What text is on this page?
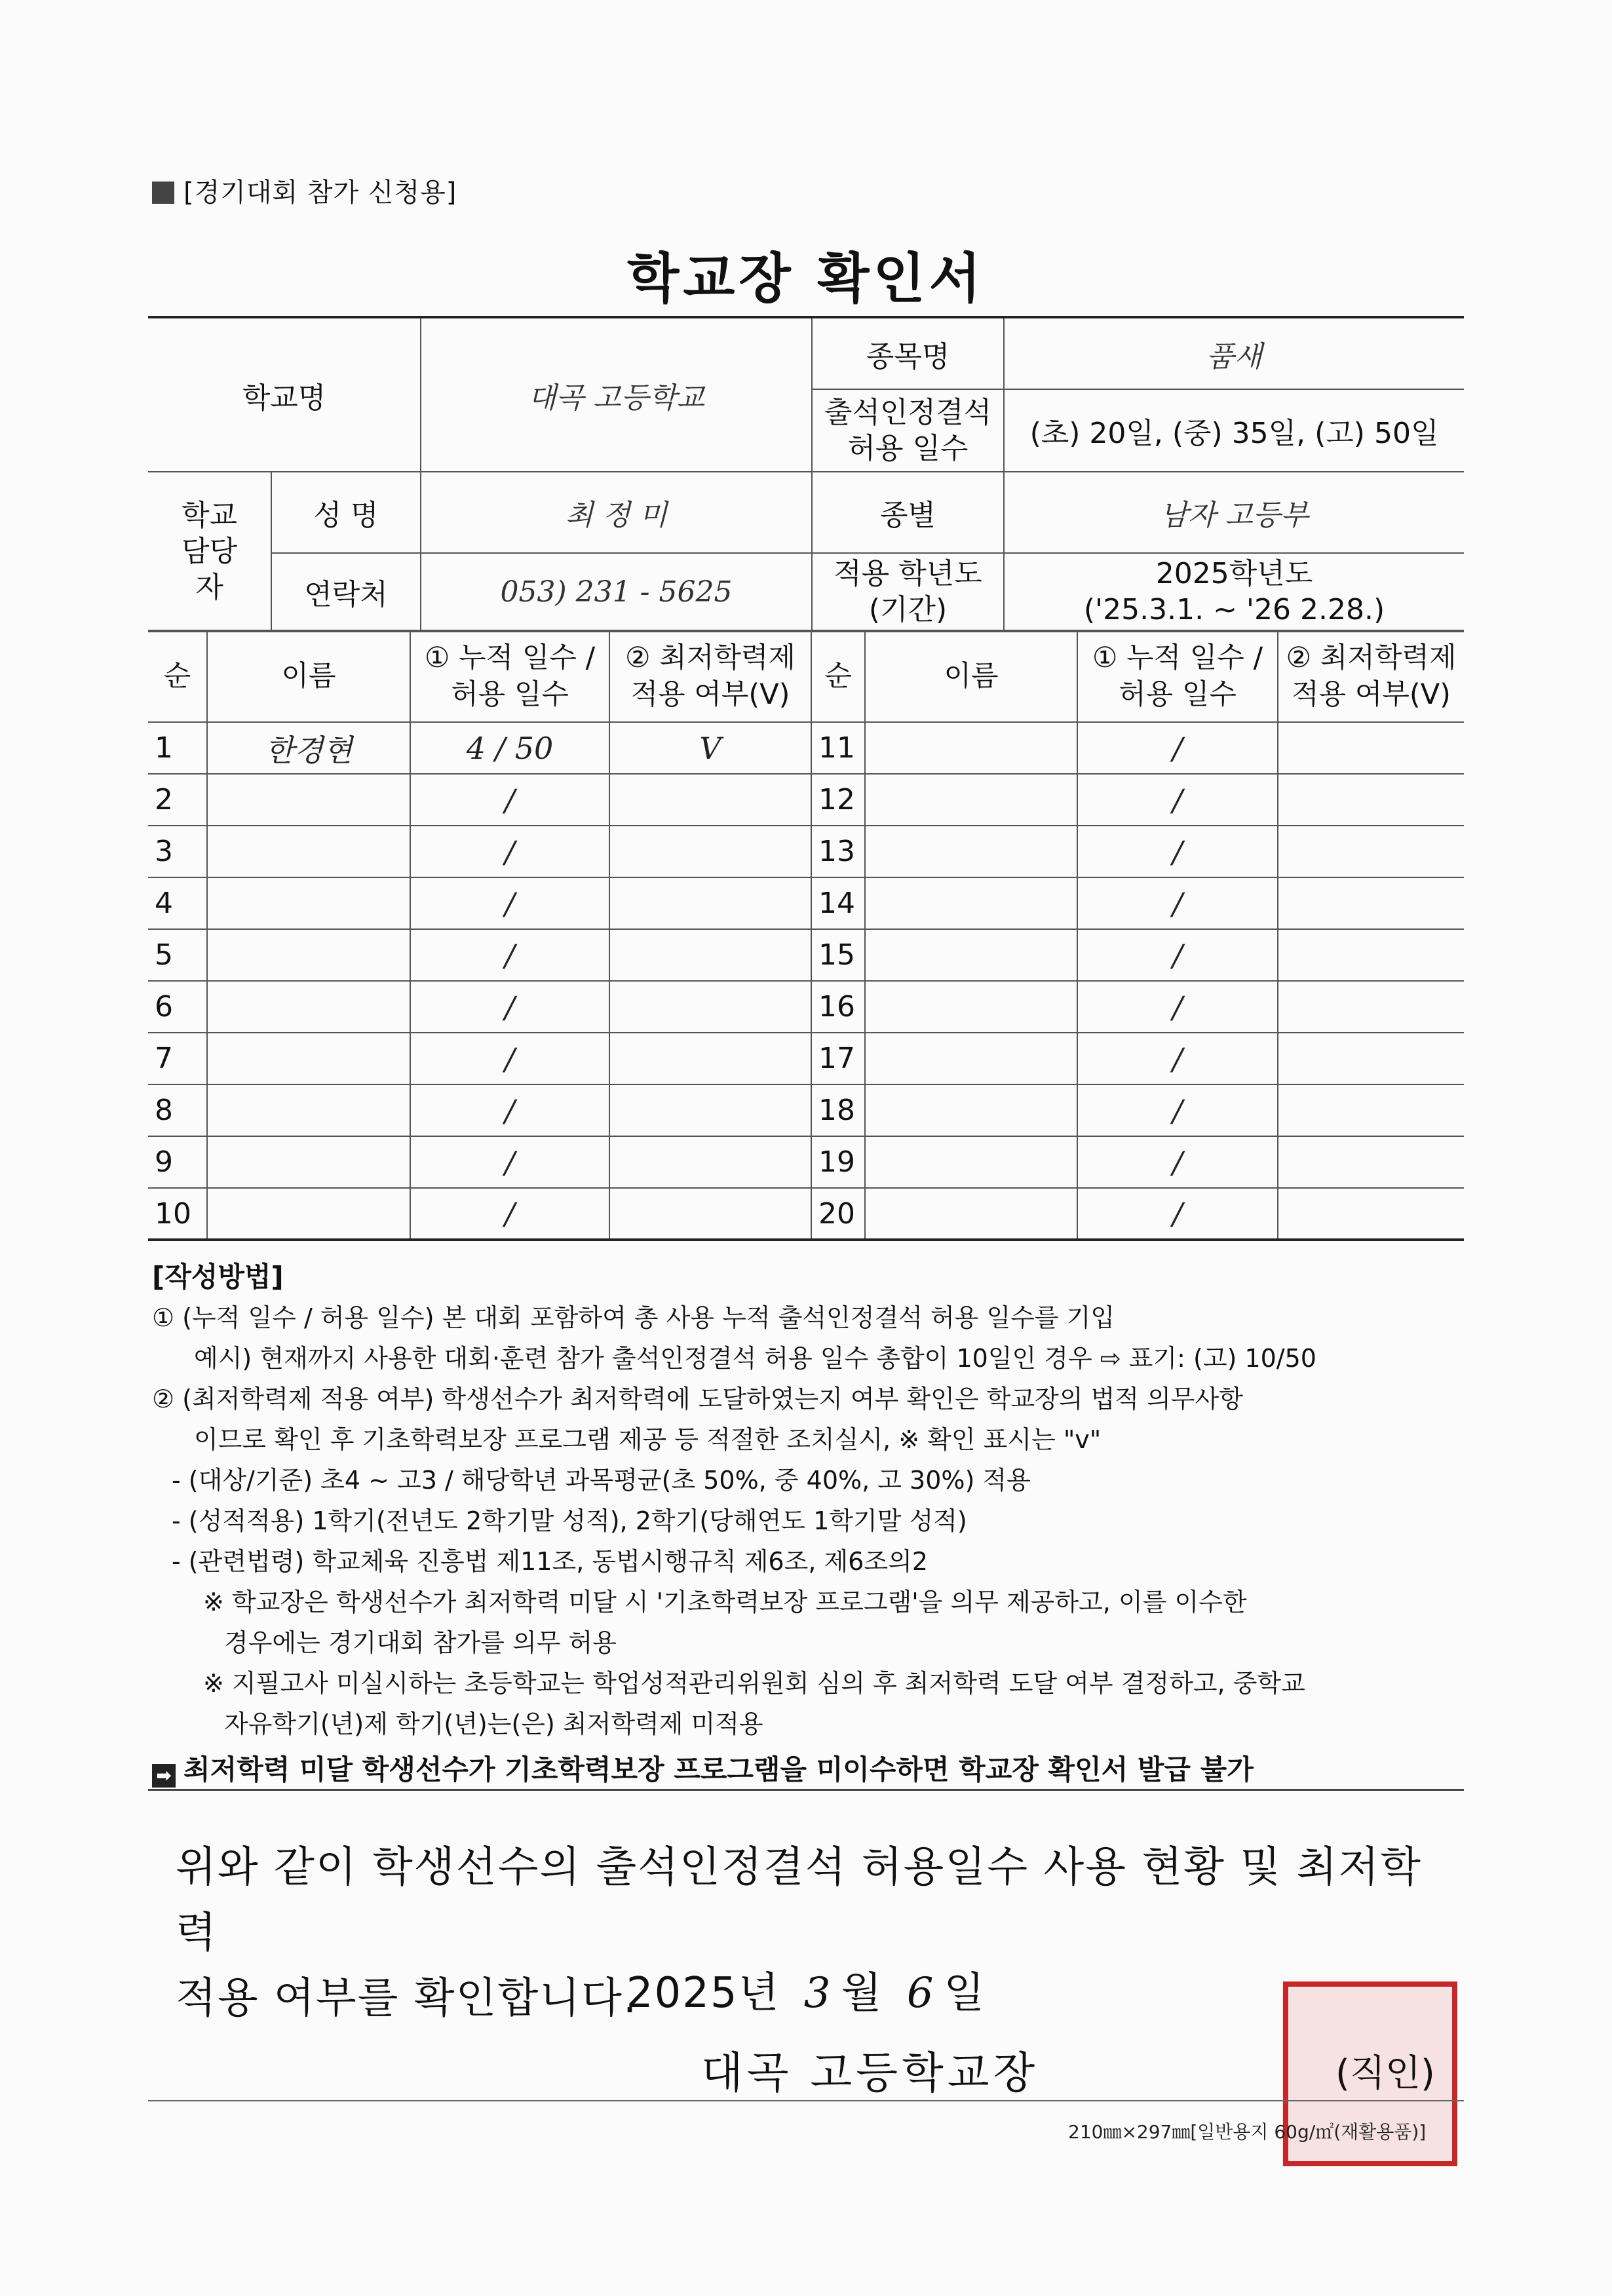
[경기대회 참가 신청용]
학교장 확인서
학교명		대곡 고등학교	종목명	품새
			출석인정결석 허용 일수	(초) 20일, (중) 35일, (고) 50일
학교 담당자	성 명	최 정 미	종별	남자 고등부
	연락처	053) 231 - 5625	적용 학년도 (기간)	2025학년도
('25.3.1. ~ '26 2.28.)
순	이름	① 누적 일수 / 허용 일수	② 최저학력제 적용 여부(V)	순	이름	① 누적 일수 / 허용 일수	② 최저학력제 적용 여부(V)
1	한경현	4 / 50	V	11		/	
2		/		12		/	
3		/		13		/	
4		/		14		/	
5		/		15		/	
6		/		16		/	
7		/		17		/	
8		/		18		/	
9		/		19		/	
10		/		20		/	
[작성방법]
① (누적 일수 / 허용 일수) 본 대회 포함하여 총 사용 누적 출석인정결석 허용 일수를 기입
예시) 현재까지 사용한 대회·훈련 참가 출석인정결석 허용 일수 총합이 10일인 경우 ⇨ 표기: (고) 10/50
② (최저학력제 적용 여부) 학생선수가 최저학력에 도달하였는지 여부 확인은 학교장의 법적 의무사항
이므로 확인 후 기초학력보장 프로그램 제공 등 적절한 조치실시, ※ 확인 표시는 "v"
- (대상/기준) 초4 ~ 고3 / 해당학년 과목평균(초 50%, 중 40%, 고 30%) 적용
- (성적적용) 1학기(전년도 2학기말 성적), 2학기(당해연도 1학기말 성적)
- (관련법령) 학교체육 진흥법 제11조, 동법시행규칙 제6조, 제6조의2
※ 학교장은 학생선수가 최저학력 미달 시 '기초학력보장 프로그램'을 의무 제공하고, 이를 이수한
경우에는 경기대회 참가를 의무 허용
※ 지필고사 미실시하는 초등학교는 학업성적관리위원회 심의 후 최저학력 도달 여부 결정하고, 중학교
자유학기(년)제 학기(년)는(은) 최저학력제 미적용
➡ 최저학력 미달 학생선수가 기초학력보장 프로그램을 미이수하면 학교장 확인서 발급 불가
위와 같이 학생선수의 출석인정결석 허용일수 사용 현황 및 최저학력
적용 여부를 확인합니다.
2025년 3 월 6 일
대곡 고등학교장	(직인)
210㎜×297㎜[일반용지 60g/㎡(재활용품)]
